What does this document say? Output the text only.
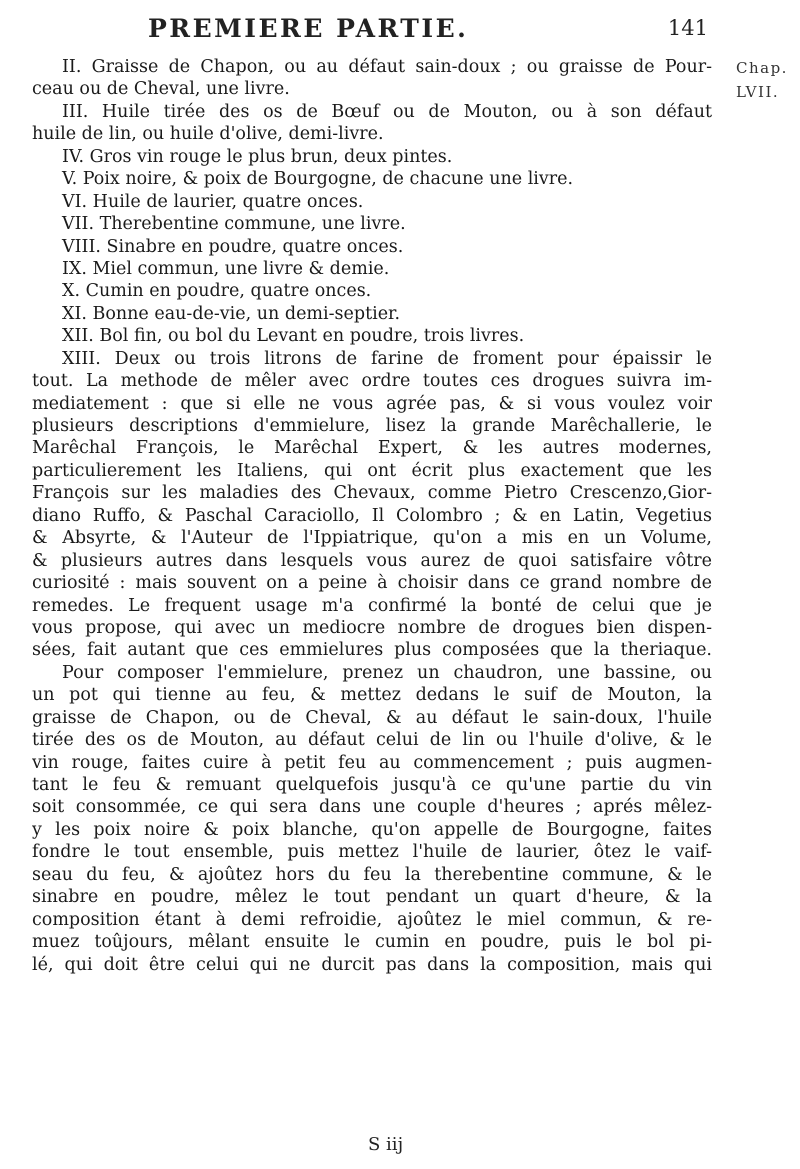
PREMIERE PARTIE.	141
Chap.
LVII.
II. Graisse de Chapon, ou au défaut sain-doux ; ou graisse de Pour-
ceau ou de Cheval, une livre.
III. Huile tirée des os de Bœuf ou de Mouton, ou à son défaut
huile de lin, ou huile d'olive, demi-livre.
IV. Gros vin rouge le plus brun, deux pintes.
V. Poix noire, & poix de Bourgogne, de chacune une livre.
VI. Huile de laurier, quatre onces.
VII. Therebentine commune, une livre.
VIII. Sinabre en poudre, quatre onces.
IX. Miel commun, une livre & demie.
X. Cumin en poudre, quatre onces.
XI. Bonne eau-de-vie, un demi-septier.
XII. Bol fin, ou bol du Levant en poudre, trois livres.
XIII. Deux ou trois litrons de farine de froment pour épaissir le
tout. La methode de mêler avec ordre toutes ces drogues suivra im-
mediatement : que si elle ne vous agrée pas, & si vous voulez voir
plusieurs descriptions d'emmielure, lisez la grande Marêchallerie, le
Marêchal François, le Marêchal Expert, & les autres modernes,
particulierement les Italiens, qui ont écrit plus exactement que les
François sur les maladies des Chevaux, comme Pietro Crescenzo,Gior-
diano Ruffo, & Paschal Caraciollo, Il Colombro ; & en Latin, Vegetius
& Absyrte, & l'Auteur de l'Ippiatrique, qu'on a mis en un Volume,
& plusieurs autres dans lesquels vous aurez de quoi satisfaire vôtre
curiosité : mais souvent on a peine à choisir dans ce grand nombre de
remedes. Le frequent usage m'a confirmé la bonté de celui que je
vous propose, qui avec un mediocre nombre de drogues bien dispen-
sées, fait autant que ces emmielures plus composées que la theriaque.
Pour composer l'emmielure, prenez un chaudron, une bassine, ou
un pot qui tienne au feu, & mettez dedans le suif de Mouton, la
graisse de Chapon, ou de Cheval, & au défaut le sain-doux, l'huile
tirée des os de Mouton, au défaut celui de lin ou l'huile d'olive, & le
vin rouge, faites cuire à petit feu au commencement ; puis augmen-
tant le feu & remuant quelquefois jusqu'à ce qu'une partie du vin
soit consommée, ce qui sera dans une couple d'heures ; aprés mêlez-
y les poix noire & poix blanche, qu'on appelle de Bourgogne, faites
fondre le tout ensemble, puis mettez l'huile de laurier, ôtez le vaif-
seau du feu, & ajoûtez hors du feu la therebentine commune, & le
sinabre en poudre, mêlez le tout pendant un quart d'heure, & la
composition étant à demi refroidie, ajoûtez le miel commun, & re-
muez toûjours, mêlant ensuite le cumin en poudre, puis le bol pi-
lé, qui doit être celui qui ne durcit pas dans la composition, mais qui
S iij
